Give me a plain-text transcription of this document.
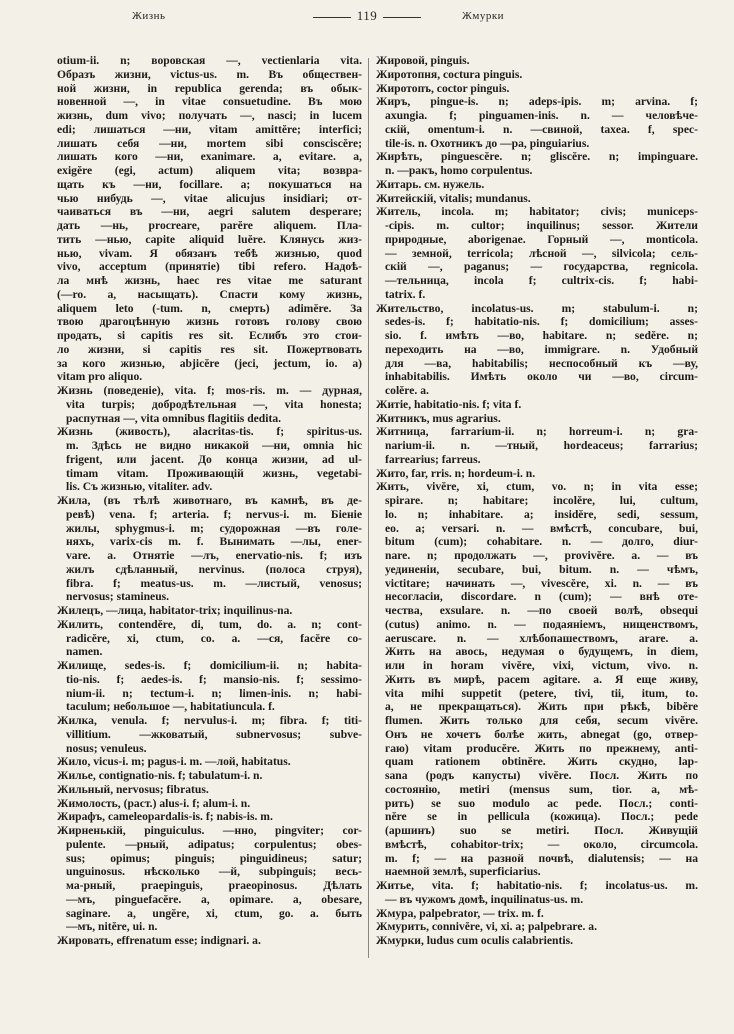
Жизнь	119	Жмурки
otium-ii. n; воровская —, vectienlaria vita.
Образъ жизни, victus-us. m. Въ обществен-
ной жизни, in republica gerenda; въ обык-
новенной —, in vitae consuetudine. Въ мою
жизнь, dum vivo; получать —, nasci; in lucem
edi; лишаться —ни, vitam amittĕre; interfici;
лишать себя —ни, mortem sibi consciscĕre;
лишать кого —ни, exanimare. a, evitare. a,
exigĕre (egi, actum) aliquem vita; возвра-
щать къ —ни, focillare. a; покушаться на
чью нибудь —, vitae alicujus insidiari; от-
чаиваться въ —ни, aegri salutem desperare;
дать —нь, procreare, parĕre aliquem. Пла-
тить —нью, capite aliquid luĕre. Клянусь жиз-
нью, vivam. Я обязанъ тебѣ жизнью, quod
vivo, acceptum (принятіе) tibi refero. Надоѣ-
ла мнѣ жизнь, haec res vitae me saturant
(—ro. a, насыщать). Спасти кому жизнь,
aliquem leto (-tum. n, смерть) adimĕre. За
твою драгоцѣнную жизнь готовъ голову свою
продать, si capitis res sit. Еслибъ это стои-
ло жизни, si capitis res sit. Пожертвовать
за кого жизнью, abjicĕre (jeci, jectum, io. a)
vitam pro aliquo.
Жизнь (поведеніе), vita. f; mos-ris. m. — дурная,
vita turpis; добродѣтельная —, vita honesta;
распутная —, vita omnibus flagitiis dedita.
Жизнь (живость), alacritas-tis. f; spiritus-us.
m. Здѣсь не видно никакой —ни, omnia hic
frigent, или jacent. До конца жизни, ad ul-
timam vitam. Проживающій жизнь, vegetabi-
lis. Съ жизнью, vitaliter. adv.
Жила, (въ тѣлѣ животнаго, въ камнѣ, въ де-
ревѣ) vena. f; arteria. f; nervus-i. m. Біеніе
жилы, sphygmus-i. m; судорожная —въ голе-
няхъ, varix-cis m. f. Вынимать —лы, ener-
vare. a. Отнятіе —лъ, enervatio-nis. f; изъ
жилъ сдѣланный, nervinus. (полоса струя),
fibra. f; meatus-us. m. —листый, venosus;
nervosus; stamineus.
Жилецъ, —лица, habitator-trix; inquilinus-na.
Жилить, contendĕre, di, tum, do. a. n; cont-
radicĕre, xi, ctum, co. a. —ся, facĕre co-
namen.
Жилище, sedes-is. f; domicilium-ii. n; habita-
tio-nis. f; aedes-is. f; mansio-nis. f; sessimo-
nium-ii. n; tectum-i. n; limen-inis. n; habi-
taculum; небольшое —, habitatiuncula. f.
Жилка, venula. f; nervulus-i. m; fibra. f; titi-
villitium. —жковатый, subnervosus; subve-
nosus; venuleus.
Жило, vicus-i. m; pagus-i. m. —лой, habitatus.
Жилье, contignatio-nis. f; tabulatum-i. n.
Жильный, nervosus; fibratus.
Жимолость, (раст.) alus-i. f; alum-i. n.
Жирафъ, cameleopardalis-is. f; nabis-is. m.
Жирненькій, pinguiculus. —нно, pingviter; cor-
pulente. —рный, adipatus; corpulentus; obes-
sus; opimus; pinguis; pinguidineus; satur;
unguinosus. нѣсколько —й, subpinguis; весь-
ма-рный, praepinguis, praeopinosus. Дѣлать
—мъ, pinguefacĕre. a, opimare. a, obesare,
saginare. a, ungĕre, xi, ctum, go. a. быть
—мъ, nitĕre, ui. n.
Жировать, effrenatum esse; indignari. a.
Жировой, pinguis.
Жиротопня, coctura pinguis.
Жиротопъ, coctor pinguis.
Жиръ, pingue-is. n; adeps-ipis. m; arvina. f;
axungia. f; pinguamen-inis. n. — человѣче-
скій, omentum-i. n. —свиной, taxea. f, spec-
tile-is. n. Охотникъ до —ра, pinguiarius.
Жирѣть, pinguescĕre. n; gliscĕre. n; impinguare.
n. —ракъ, homo corpulentus.
Житарь. см. нужель.
Житейскій, vitalis; mundanus.
Житель, incola. m; habitator; civis; municeps-
-cipis. m. cultor; inquilinus; sessor. Жители
природные, aborigenae. Горный —, monticola.
— земной, terricola; лѣсной —, silvicola; сель-
скій —, paganus; — государства, regnicola.
—тельница, incola f; cultrix-cis. f; habi-
tatrix. f.
Жительство, incolatus-us. m; stabulum-i. n;
sedes-is. f; habitatio-nis. f; domicilium; asses-
sio. f. имѣть —во, habitare. n; sedĕre. n;
переходить на —во, immigrare. n. Удобный
для —ва, habitabilis; неспособный къ —ву,
inhabitabilis. Имѣть около чи —во, circum-
colĕre. a.
Житіе, habitatio-nis. f; vita f.
Житникъ, mus agrarius.
Житница, farrarium-ii. n; horreum-i. n; gra-
narium-ii. n. —тный, hordeaceus; farrarius;
farrearius; farreus.
Жито, far, rris. n; hordeum-i. n.
Жить, vivĕre, xi, ctum, vo. n; in vita esse;
spirare. n; habitare; incolĕre, lui, cultum,
lo. n; inhabitare. a; insidĕre, sedi, sessum,
eo. a; versari. n. — вмѣстѣ, concubare, bui,
bitum (cum); cohabitare. n. — долго, diur-
nare. n; продолжать —, provivĕre. a. — въ
уединеніи, secubare, bui, bitum. n. — чѣмъ,
victitare; начинать —, vivescĕre, xi. n. — въ
несогласіи, discordare. n (cum); — внѣ оте-
чества, exsulare. n. —по своей волѣ, obsequi
(cutus) animo. n. — подаяніемъ, нищенствомъ,
aeruscare. n. — хлѣбопашествомъ, arare. a.
Жить на авось, недумая о будущемъ, in diem,
или in horam vivĕre, vixi, victum, vivo. n.
Жить въ мирѣ, pacem agitare. a. Я еще живу,
vita mihi suppetit (petere, tivi, tii, itum, to.
a, не прекращаться). Жить при рѣкѣ, bibĕre
flumen. Жить только для себя, secum vivĕre.
Онъ не хочетъ болѣе жить, abnegat (go, отвер-
гаю) vitam producĕre. Жить по прежнему, anti-
quam rationem obtinĕre. Жить скудно, lap-
sana (родъ капусты) vivĕre. Посл. Жить по
состоянію, metiri (mensus sum, tior. a, мѣ-
рить) se suo modulo ac pede. Посл.; conti-
nĕre se in pellicula (кожица). Посл.; pede
(аршинъ) suo se metiri. Посл. Живущій
вмѣстѣ, cohabitor-trix; — около, circumcola.
m. f; — на разной почвѣ, dialutensis; — на
наемной землѣ, superficiarius.
Житье, vita. f; habitatio-nis. f; incolatus-us. m.
— въ чужомъ домѣ, inquilinatus-us. m.
Жмура, palpebrator, — trix. m. f.
Жмурить, connivĕre, vi, xi. a; palpebrare. a.
Жмурки, ludus cum oculis calabrientis.
